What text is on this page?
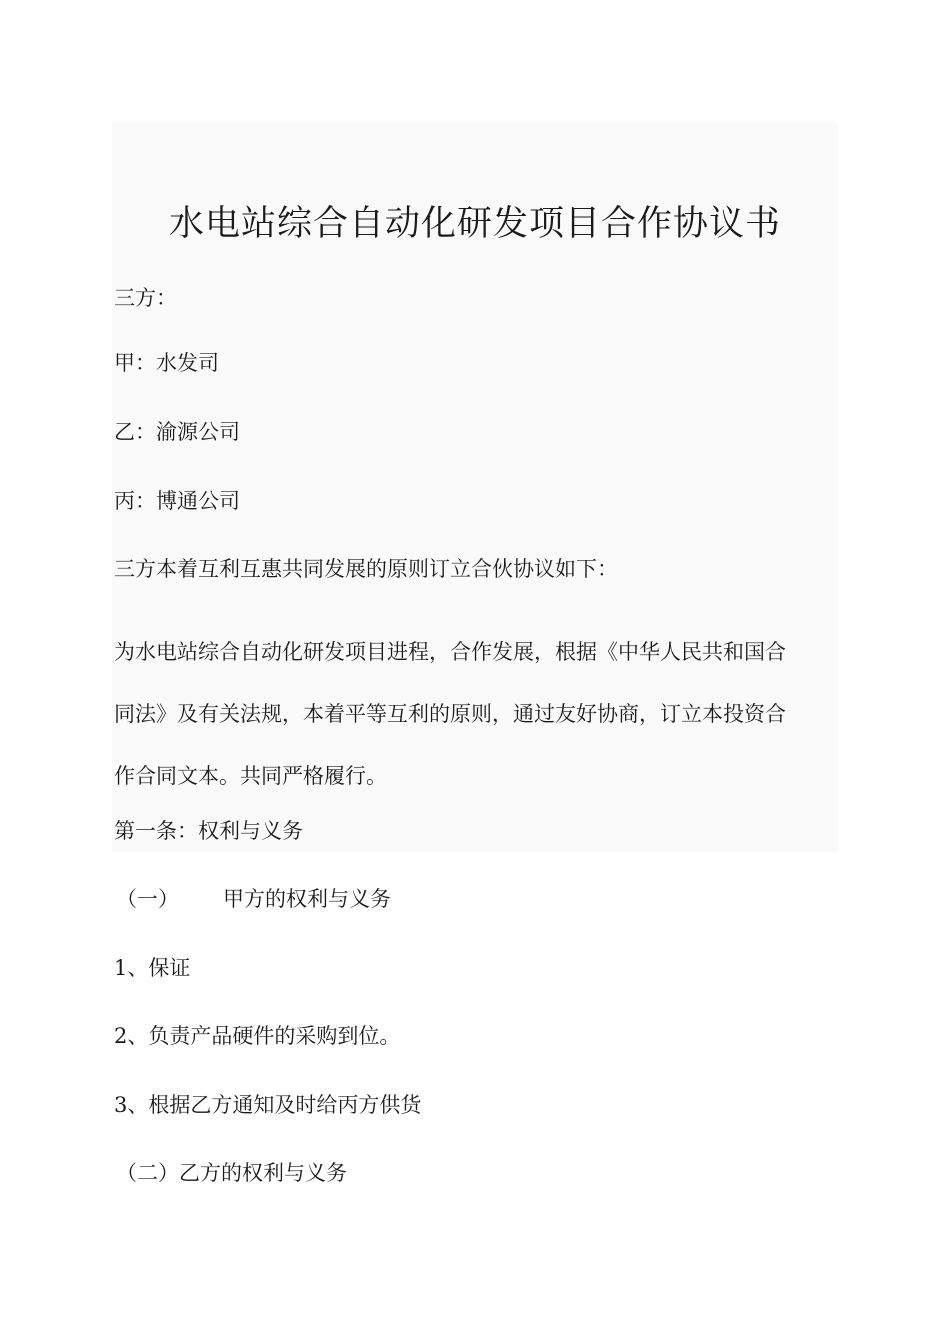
水电站综合自动化研发项目合作协议书
三方：
甲：水发司
乙：渝源公司
丙：博通公司
三方本着互利互惠共同发展的原则订立合伙协议如下：
为水电站综合自动化研发项目进程，合作发展，根据《中华人民共和国合
同法》及有关法规，本着平等互利的原则，通过友好协商，订立本投资合
作合同文本。共同严格履行。
第一条：权利与义务
（一） 甲方的权利与义务
1、保证
2、负责产品硬件的采购到位。
3、根据乙方通知及时给丙方供货
（二）乙方的权利与义务
